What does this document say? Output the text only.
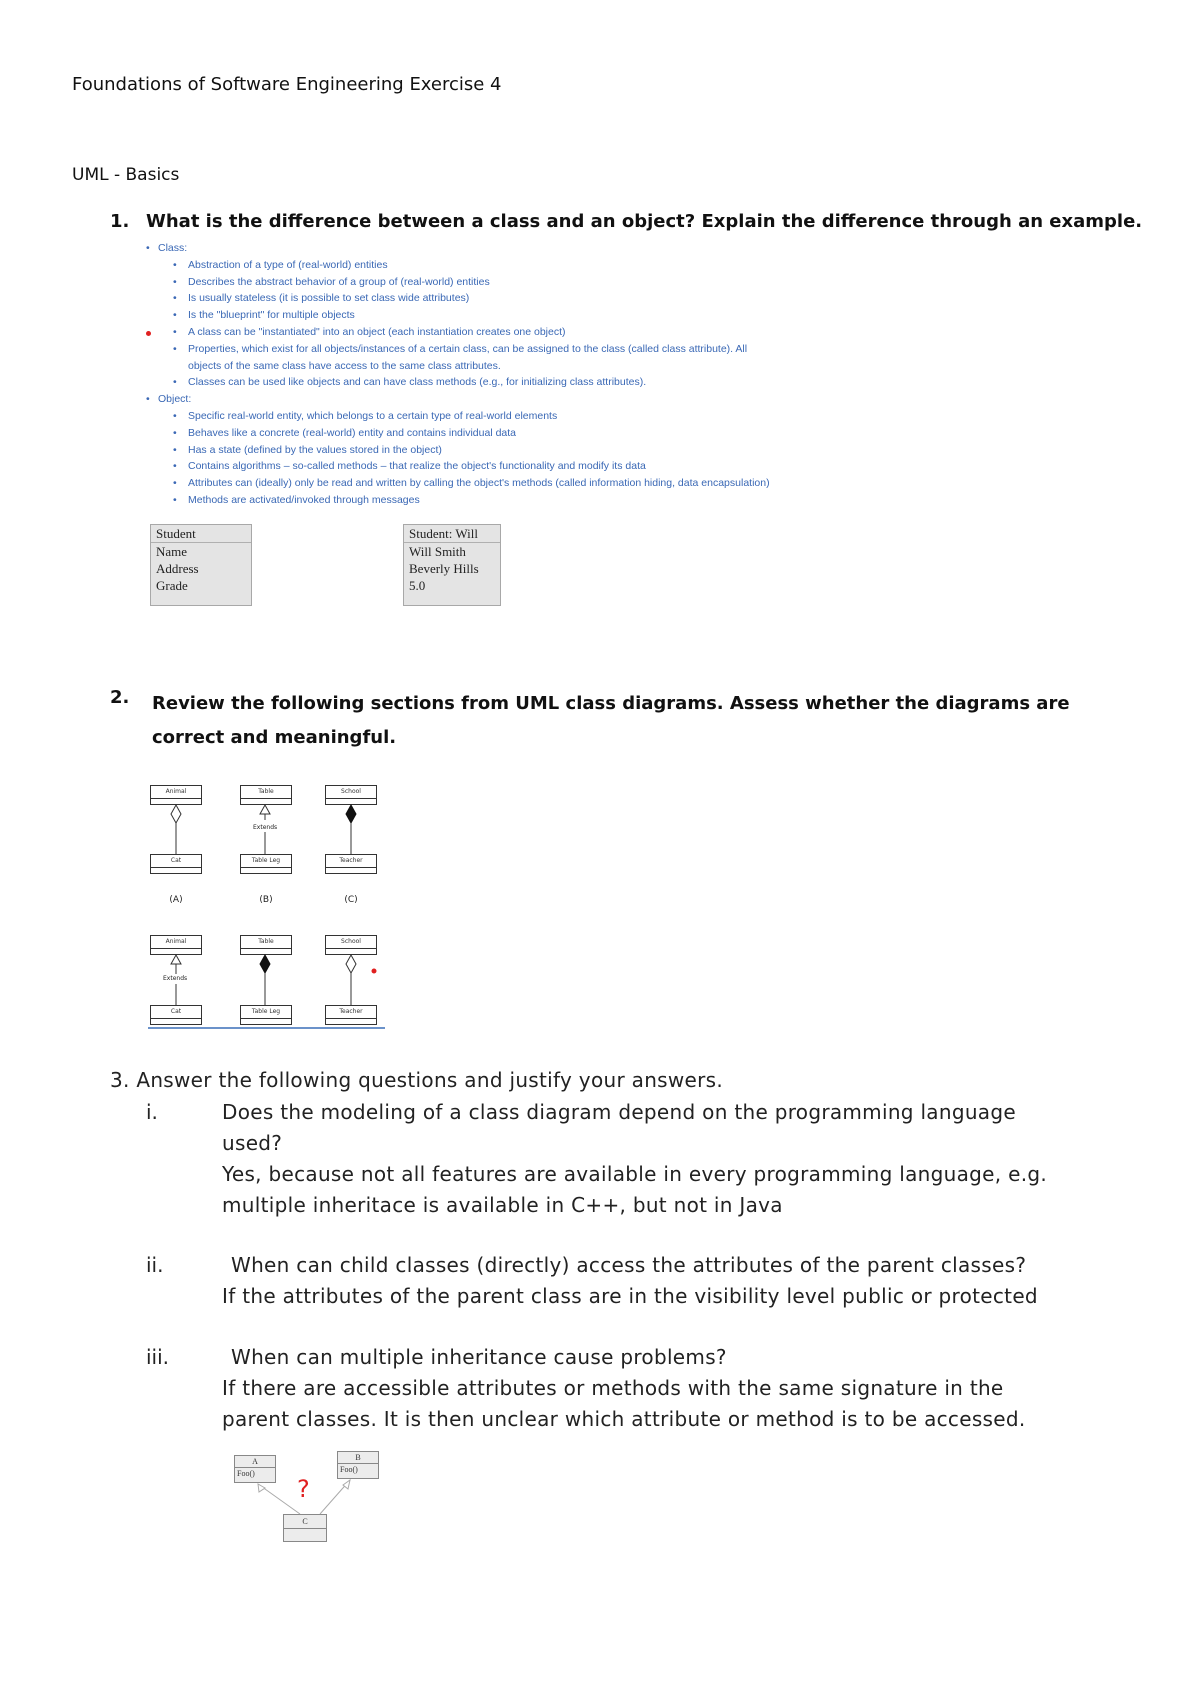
Foundations of Software Engineering Exercise 4
UML - Basics
1. What is the difference between a class and an object? Explain the difference through an example.
• Class:
• Abstraction of a type of (real-world) entities
• Describes the abstract behavior of a group of (real-world) entities
• Is usually stateless (it is possible to set class wide attributes)
• Is the "blueprint" for multiple objects
• A class can be "instantiated" into an object (each instantiation creates one object)
• Properties, which exist for all objects/instances of a certain class, can be assigned to the class (called class attribute). All
objects of the same class have access to the same class attributes.
• Classes can be used like objects and can have class methods (e.g., for initializing class attributes).
• Object:
• Specific real-world entity, which belongs to a certain type of real-world elements
• Behaves like a concrete (real-world) entity and contains individual data
• Has a state (defined by the values stored in the object)
• Contains algorithms – so-called methods – that realize the object's functionality and modify its data
• Attributes can (ideally) only be read and written by calling the object's methods (called information hiding, data encapsulation)
• Methods are activated/invoked through messages
Student
Name
Address
Grade
Student: Will
Will Smith
Beverly Hills
5.0
2. Review the following sections from UML class diagrams. Assess whether the diagrams are correct and meaningful.
Animal	Table	School
Extends
Cat	Table Leg	Teacher
(A)	(B)	(C)
Animal	Table	School
Extends
Cat	Table Leg	Teacher
3. Answer the following questions and justify your answers.
i.	Does the modeling of a class diagram depend on the programming language
used?
Yes, because not all features are available in every programming language, e.g.
multiple inheritace is available in C++, but not in Java
ii.	When can child classes (directly) access the attributes of the parent classes?
If the attributes of the parent class are in the visibility level public or protected
iii.	When can multiple inheritance cause problems?
If there are accessible attributes or methods with the same signature in the
parent classes. It is then unclear which attribute or method is to be accessed.
A
Foo()
B
Foo()
C
?
